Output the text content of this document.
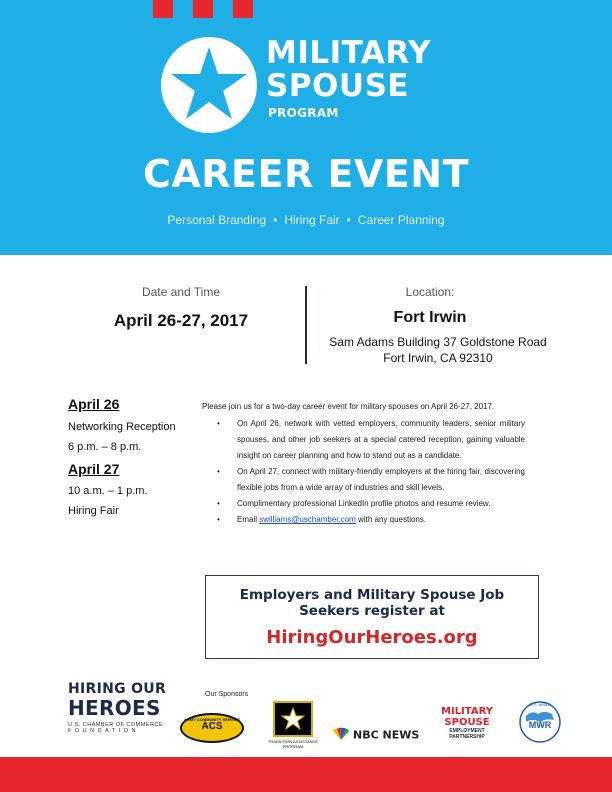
MILITARY
SPOUSE
PROGRAM
CAREER EVENT
Personal Branding • Hiring Fair • Career Planning
Date and Time
April 26-27, 2017
Location:
Fort Irwin
Sam Adams Building 37 Goldstone Road
Fort Irwin, CA 92310

April 26

Networking Reception

6 p.m. – 8 p.m.

April 27

10 a.m. – 1 p.m.

Hiring Fair

Please join us for a two-day career event for military spouses on April 26-27, 2017.
• On April 26, network with vetted employers, community leaders, senior military spouses, and other job seekers at a special catered reception, gaining valuable insight on career planning and how to stand out as a candidate.
• On April 27, connect with military-friendly employers at the hiring fair, discovering flexible jobs from a wide array of industries and skill levels.
• Complimentary professional LinkedIn profile photos and resume review.
• Email swilliams@uschamber.com with any questions.
Employers and Military Spouse Job
Seekers register at
HiringOurHeroes.org
HIRING OUR
HEROES
U.S. CHAMBER OF COMMERCE
FOUNDATION
Our Sponsors
ARMY COMMUNITY SERVICE
ACS
TRANSITION ASSISTANCE PROGRAM
NBC NEWS
MILITARY
SPOUSE
EMPLOYMENT
PARTNERSHIP
U.S. ARMY
MWR
